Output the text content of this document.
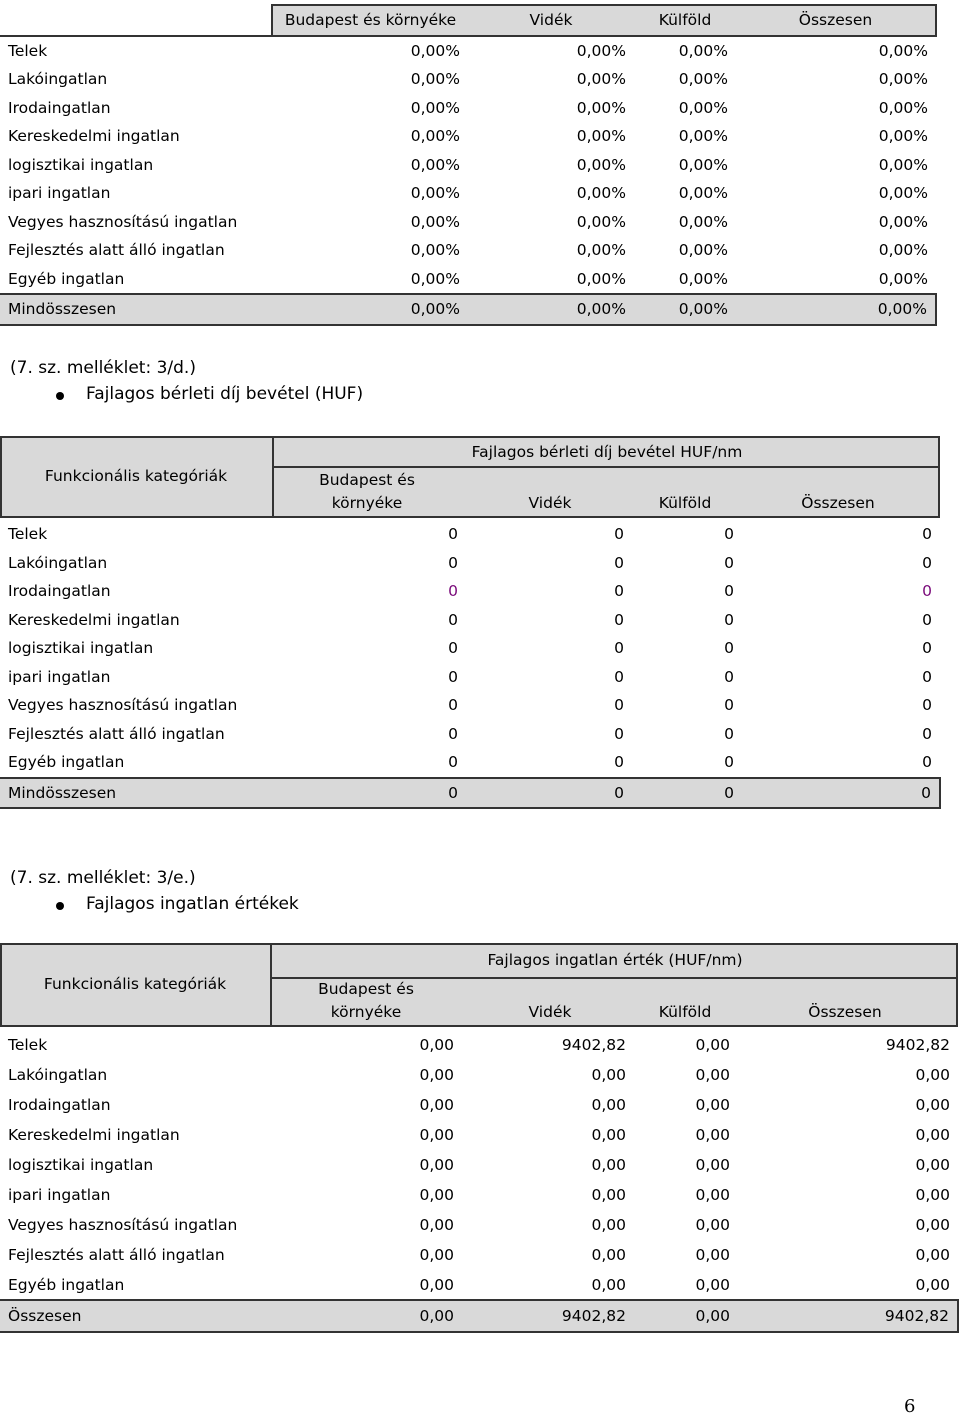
	Budapest és környéke	Vidék	Külföld	Összesen
Telek	0,00%	0,00%	0,00%	0,00%
Lakóingatlan	0,00%	0,00%	0,00%	0,00%
Irodaingatlan	0,00%	0,00%	0,00%	0,00%
Kereskedelmi ingatlan	0,00%	0,00%	0,00%	0,00%
logisztikai ingatlan	0,00%	0,00%	0,00%	0,00%
ipari ingatlan	0,00%	0,00%	0,00%	0,00%
Vegyes hasznosítású ingatlan	0,00%	0,00%	0,00%	0,00%
Fejlesztés alatt álló ingatlan	0,00%	0,00%	0,00%	0,00%
Egyéb ingatlan	0,00%	0,00%	0,00%	0,00%
Mindösszesen	0,00%	0,00%	0,00%	0,00%
(7. sz. melléklet: 3/d.)
Fajlagos bérleti díj bevétel (HUF)
Funkcionális kategóriák
Fajlagos bérleti díj bevétel HUF/nm
Budapest és
környéke	Vidék	Külföld	Összesen
Telek	0	0	0	0
Lakóingatlan	0	0	0	0
Irodaingatlan	0	0	0	0
Kereskedelmi ingatlan	0	0	0	0
logisztikai ingatlan	0	0	0	0
ipari ingatlan	0	0	0	0
Vegyes hasznosítású ingatlan	0	0	0	0
Fejlesztés alatt álló ingatlan	0	0	0	0
Egyéb ingatlan	0	0	0	0
Mindösszesen	0	0	0	0
(7. sz. melléklet: 3/e.)
Fajlagos ingatlan értékek
Funkcionális kategóriák
Fajlagos ingatlan érték (HUF/nm)
Budapest és
környéke	Vidék	Külföld	Összesen
Telek	0,00	9402,82	0,00	9402,82
Lakóingatlan	0,00	0,00	0,00	0,00
Irodaingatlan	0,00	0,00	0,00	0,00
Kereskedelmi ingatlan	0,00	0,00	0,00	0,00
logisztikai ingatlan	0,00	0,00	0,00	0,00
ipari ingatlan	0,00	0,00	0,00	0,00
Vegyes hasznosítású ingatlan	0,00	0,00	0,00	0,00
Fejlesztés alatt álló ingatlan	0,00	0,00	0,00	0,00
Egyéb ingatlan	0,00	0,00	0,00	0,00
Összesen	0,00	9402,82	0,00	9402,82
6
